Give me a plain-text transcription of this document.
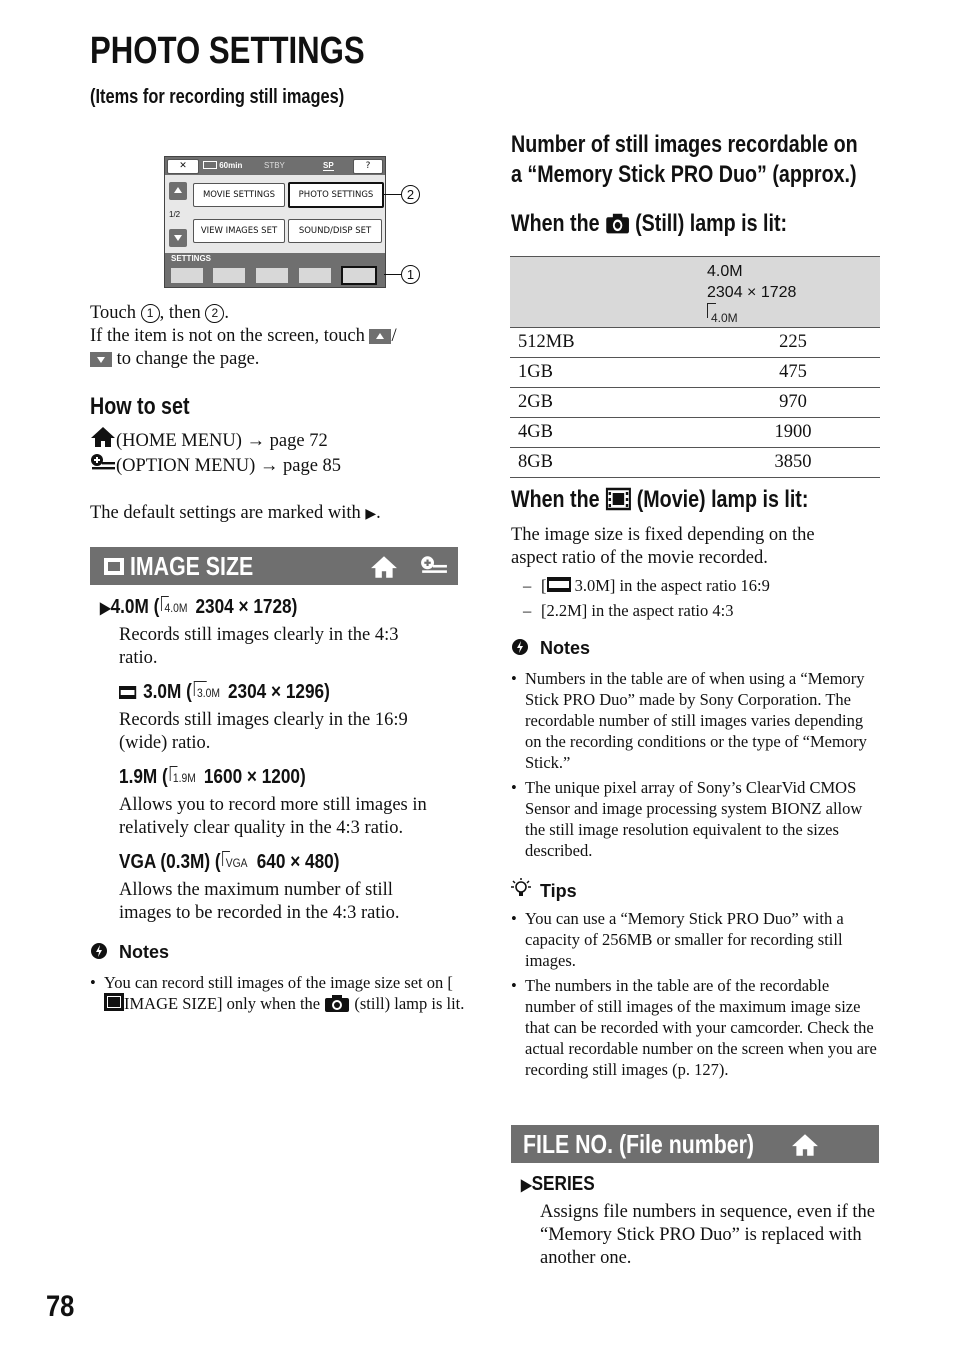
PHOTO SETTINGS
(Items for recording still images)
✕	60min	STBY	SP	?
1/2
MOVIE SETTINGS	PHOTO SETTINGS
VIEW IMAGES SET	SOUND/DISP SET
SETTINGS
2
1
Touch 1 , then 2 .
If the item is not on the screen, touch
/
to change the page.
How to set
(HOME MENU) → page 72
(OPTION MENU) → page 85
The default settings are marked with ▶.
IMAGE SIZE
▶4.0M ( 4.0M 2304 × 1728)
Records still images clearly in the 4:3
ratio.
3.0M ( 3.0M 2304 × 1296)
Records still images clearly in the 16:9
(wide) ratio.
1.9M ( 1.9M 1600 × 1200)
Allows you to record more still images in
relatively clear quality in the 4:3 ratio.
VGA (0.3M) ( VGA 640 × 480)
Allows the maximum number of still
images to be recorded in the 4:3 ratio.
Notes
• You can record still images of the image size set on [IMAGE SIZE] only when the  (still) lamp is lit.
Number of still images recordable on
a “Memory Stick PRO Duo” (approx.)
When the  (Still) lamp is lit:
4.0M
2304 × 1728
4.0M
512MB	225
1GB	475
2GB	970
4GB	1900
8GB	3850
When the  (Movie) lamp is lit:
The image size is fixed depending on the
aspect ratio of the movie recorded.
– [ 3.0M] in the aspect ratio 16:9
– [2.2M] in the aspect ratio 4:3
Notes
• Numbers in the table are of when using a “Memory Stick PRO Duo” made by Sony Corporation. The recordable number of still images varies depending on the recording conditions or the type of “Memory Stick.”
• The unique pixel array of Sony’s ClearVid CMOS Sensor and image processing system BIONZ allow the still image resolution equivalent to the sizes described.
Tips
• You can use a “Memory Stick PRO Duo” with a capacity of 256MB or smaller for recording still images.
• The numbers in the table are of the recordable number of still images of the maximum image size that can be recorded with your camcorder. Check the actual recordable number on the screen when you are recording still images (p. 127).
FILE NO. (File number)
▶SERIES
Assigns file numbers in sequence, even if the “Memory Stick PRO Duo” is replaced with another one.
78
